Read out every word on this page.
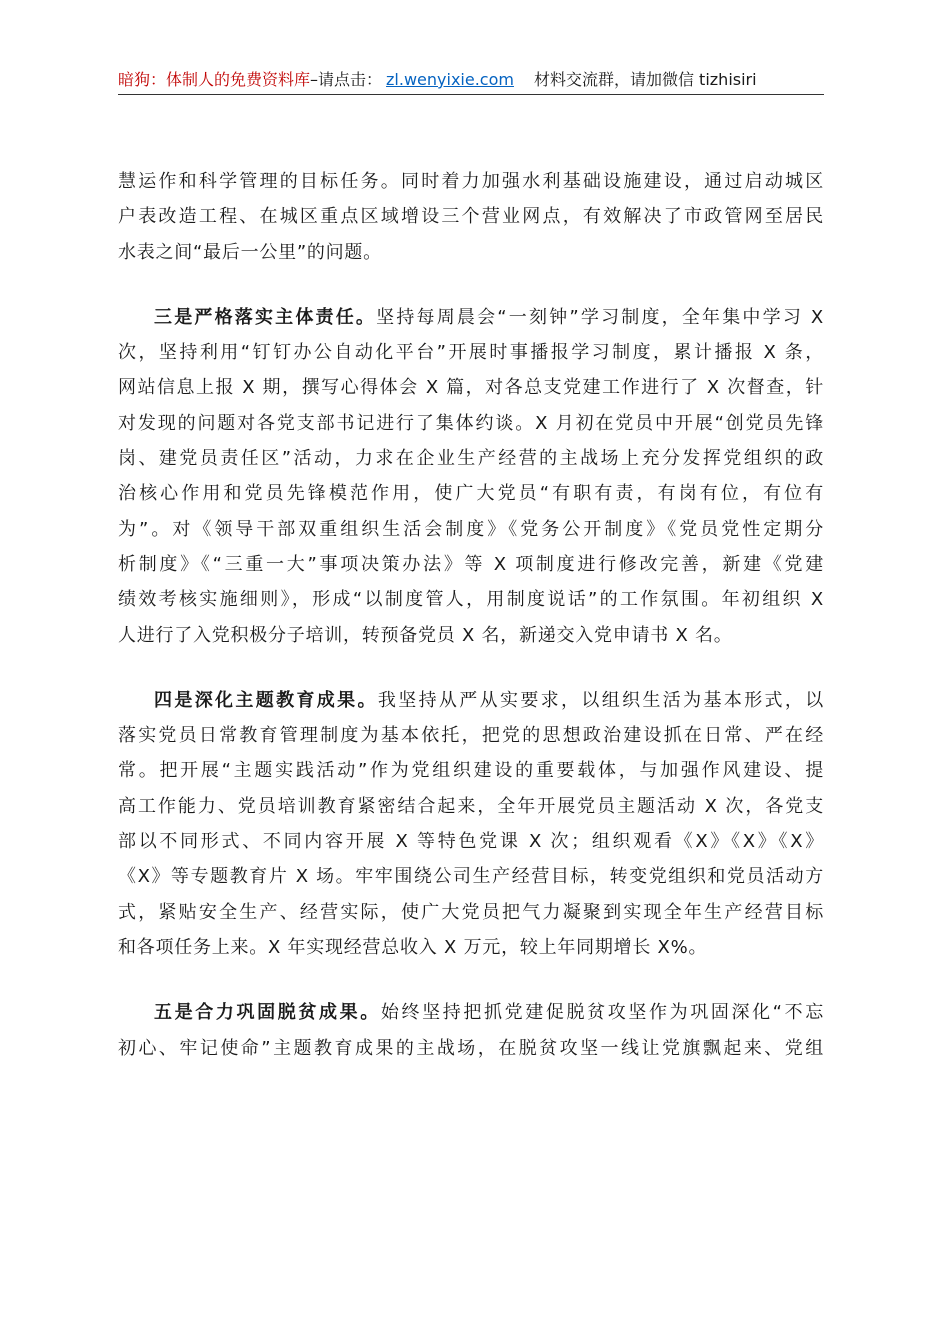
暗狗：体制人的免费资料库–请点击： zl.wenyixie.com 材料交流群，请加微信 tizhisiri
慧运作和科学管理的目标任务。同时着力加强水利基础设施建设，通过启动城区
户表改造工程、在城区重点区域增设三个营业网点，有效解决了市政管网至居民
水表之间“最后一公里”的问题。
三是严格落实主体责任。坚持每周晨会“一刻钟”学习制度，全年集中学习 X
次，坚持利用“钉钉办公自动化平台”开展时事播报学习制度，累计播报 X 条，
网站信息上报 X 期，撰写心得体会 X 篇，对各总支党建工作进行了 X 次督查，针
对发现的问题对各党支部书记进行了集体约谈。X 月初在党员中开展“创党员先锋
岗、建党员责任区”活动，力求在企业生产经营的主战场上充分发挥党组织的政
治核心作用和党员先锋模范作用，使广大党员“有职有责，有岗有位，有位有
为”。对《领导干部双重组织生活会制度》《党务公开制度》《党员党性定期分
析制度》《“三重一大”事项决策办法》等 X 项制度进行修改完善，新建《党建
绩效考核实施细则》，形成“以制度管人，用制度说话”的工作氛围。年初组织 X
人进行了入党积极分子培训，转预备党员 X 名，新递交入党申请书 X 名。
四是深化主题教育成果。我坚持从严从实要求，以组织生活为基本形式，以
落实党员日常教育管理制度为基本依托，把党的思想政治建设抓在日常、严在经
常。把开展“主题实践活动”作为党组织建设的重要载体，与加强作风建设、提
高工作能力、党员培训教育紧密结合起来，全年开展党员主题活动 X 次，各党支
部以不同形式、不同内容开展 X 等特色党课 X 次；组织观看《X》《X》《X》
《X》等专题教育片 X 场。牢牢围绕公司生产经营目标，转变党组织和党员活动方
式，紧贴安全生产、经营实际，使广大党员把气力凝聚到实现全年生产经营目标
和各项任务上来。X 年实现经营总收入 X 万元，较上年同期增长 X%。
五是合力巩固脱贫成果。始终坚持把抓党建促脱贫攻坚作为巩固深化“不忘
初心、牢记使命”主题教育成果的主战场，在脱贫攻坚一线让党旗飘起来、党组
